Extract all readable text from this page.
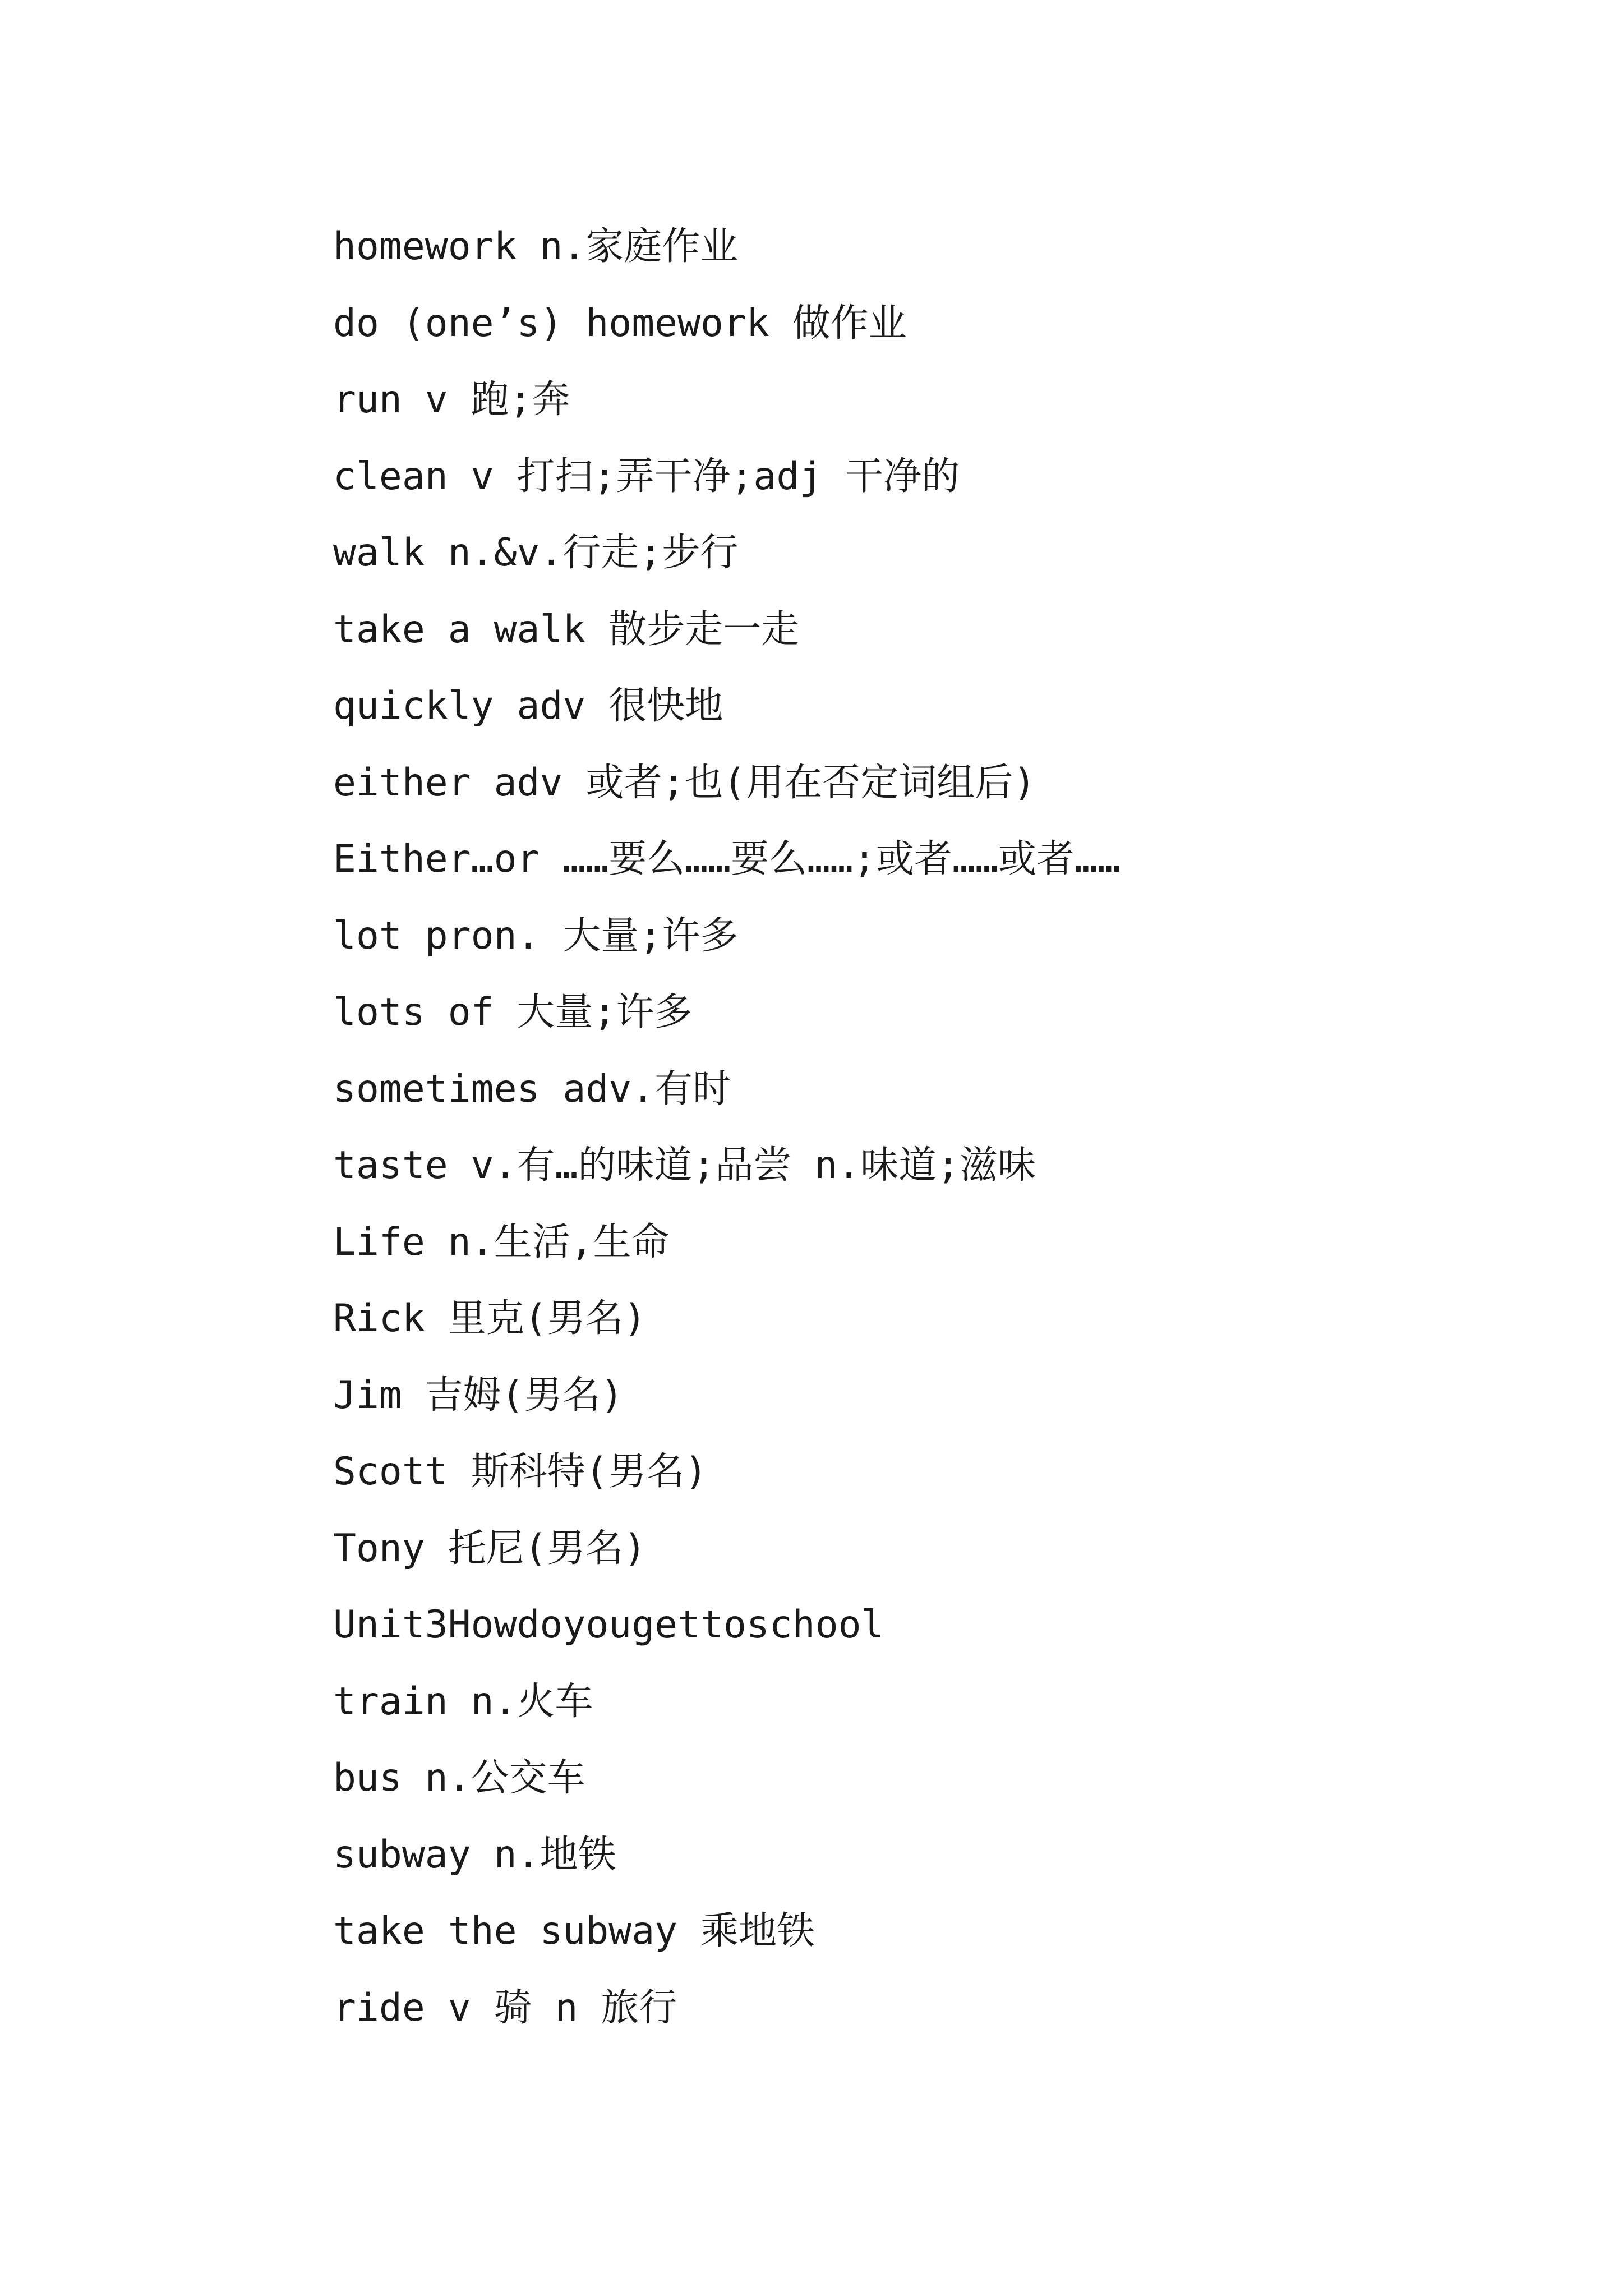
homework n.家庭作业
do (one’s) homework 做作业
run v 跑;奔
clean v 打扫;弄干净;adj 干净的
walk n.&v.行走;步行
take a walk 散步走一走
quickly adv 很快地
either adv 或者;也(用在否定词组后)
Either…or ……要么……要么……;或者……或者……
lot pron. 大量;许多
lots of 大量;许多
sometimes adv.有时
taste v.有…的味道;品尝 n.味道;滋味
Life n.生活,生命
Rick 里克(男名)
Jim 吉姆(男名)
Scott 斯科特(男名)
Tony 托尼(男名)
Unit3Howdoyougettoschool
train n.火车
bus n.公交车
subway n.地铁
take the subway 乘地铁
ride v 骑 n 旅行
